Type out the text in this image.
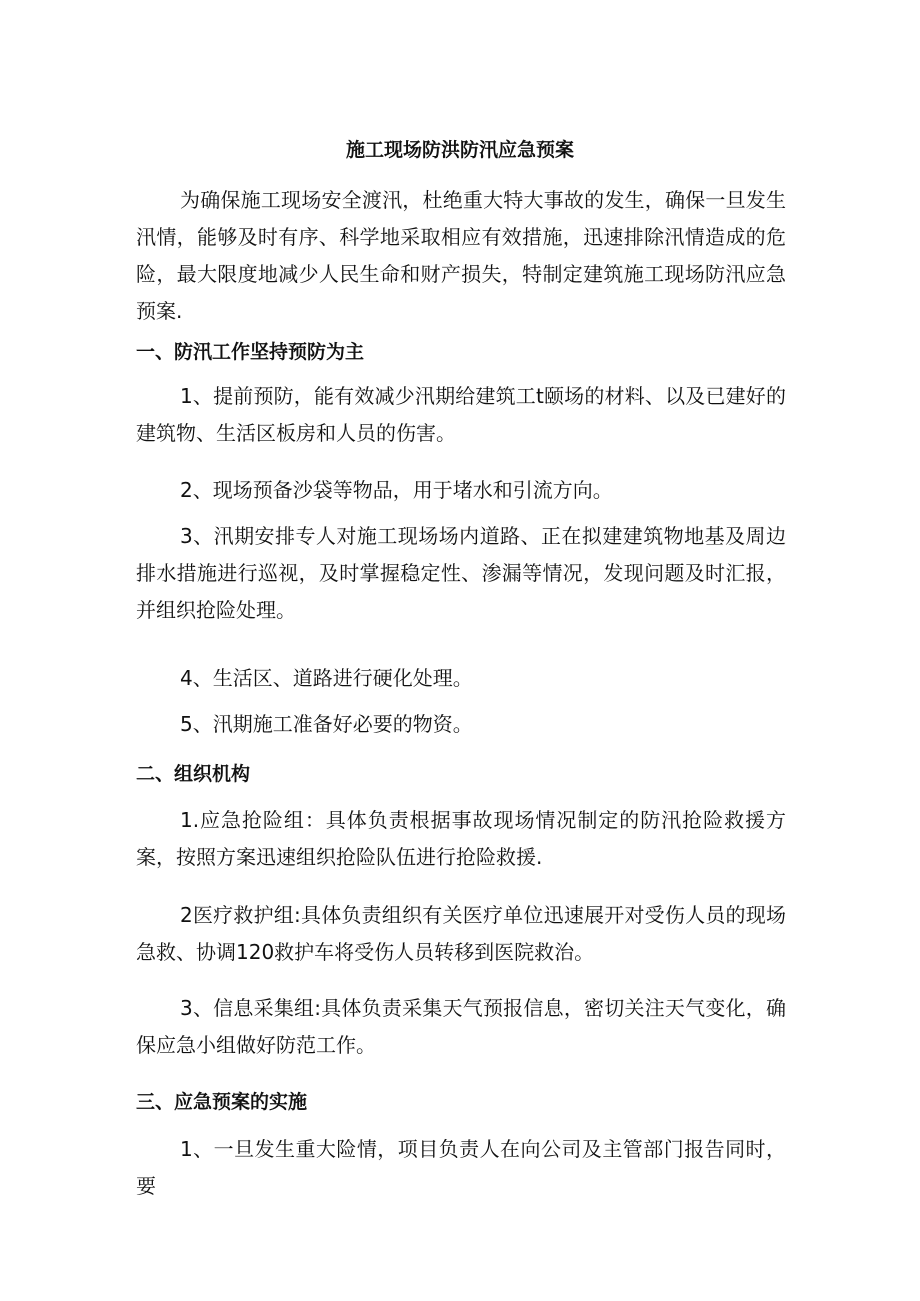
施工现场防洪防汛应急预案

为确保施工现场安全渡汛，杜绝重大特大事故的发生，确保一旦发生汛情，能够及时有序、科学地采取相应有效措施，迅速排除汛情造成的危险，最大限度地减少人民生命和财产损失，特制定建筑施工现场防汛应急预案.

一、防汛工作坚持预防为主

1、提前预防，能有效减少汛期给建筑工t颐场的材料、以及已建好的建筑物、生活区板房和人员的伤害。

2、现场预备沙袋等物品，用于堵水和引流方向。

3、汛期安排专人对施工现场场内道路、正在拟建建筑物地基及周边排水措施进行巡视，及时掌握稳定性、渗漏等情况，发现问题及时汇报，并组织抢险处理。

4、生活区、道路进行硬化处理。

5、汛期施工准备好必要的物资。

二、组织机构

1.应急抢险组：具体负责根据事故现场情况制定的防汛抢险救援方案，按照方案迅速组织抢险队伍进行抢险救援.

2医疗救护组:具体负责组织有关医疗单位迅速展开对受伤人员的现场急救、协调120救护车将受伤人员转移到医院救治。

3、信息采集组:具体负责采集天气预报信息，密切关注天气变化，确保应急小组做好防范工作。

三、应急预案的实施

1、一旦发生重大险情，项目负责人在向公司及主管部门报告同时，要
